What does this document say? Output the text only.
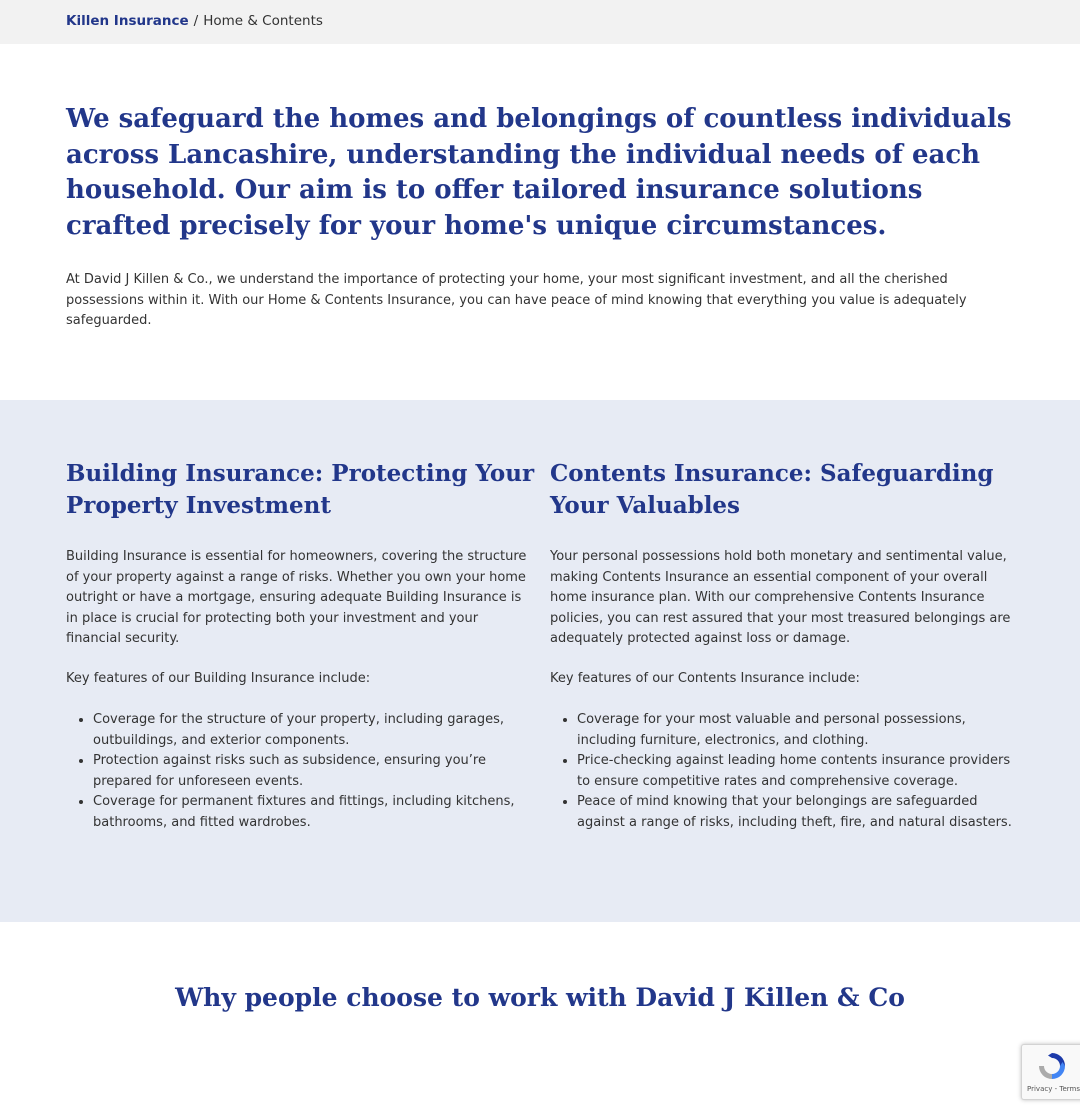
Killen Insurance / Home & Contents
We safeguard the homes and belongings of countless individuals across Lancashire, understanding the individual needs of each household. Our aim is to offer tailored insurance solutions crafted precisely for your home's unique circumstances.

At David J Killen & Co., we understand the importance of protecting your home, your most significant investment, and all the cherished possessions within it. With our Home & Contents Insurance, you can have peace of mind knowing that everything you value is adequately safeguarded.

Building Insurance: Protecting Your Property Investment

Building Insurance is essential for homeowners, covering the structure of your property against a range of risks. Whether you own your home outright or have a mortgage, ensuring adequate Building Insurance is in place is crucial for protecting both your investment and your financial security.

Key features of our Building Insurance include:

• Coverage for the structure of your property, including garages, outbuildings, and exterior components.
• Protection against risks such as subsidence, ensuring you’re prepared for unforeseen events.
• Coverage for permanent fixtures and fittings, including kitchens, bathrooms, and fitted wardrobes.
Contents Insurance: Safeguarding Your Valuables

Your personal possessions hold both monetary and sentimental value, making Contents Insurance an essential component of your overall home insurance plan. With our comprehensive Contents Insurance policies, you can rest assured that your most treasured belongings are adequately protected against loss or damage.

Key features of our Contents Insurance include:

• Coverage for your most valuable and personal possessions, including furniture, electronics, and clothing.
• Price-checking against leading home contents insurance providers to ensure competitive rates and comprehensive coverage.
• Peace of mind knowing that your belongings are safeguarded against a range of risks, including theft, fire, and natural disasters.
Why people choose to work with David J Killen & Co
Privacy - Terms
